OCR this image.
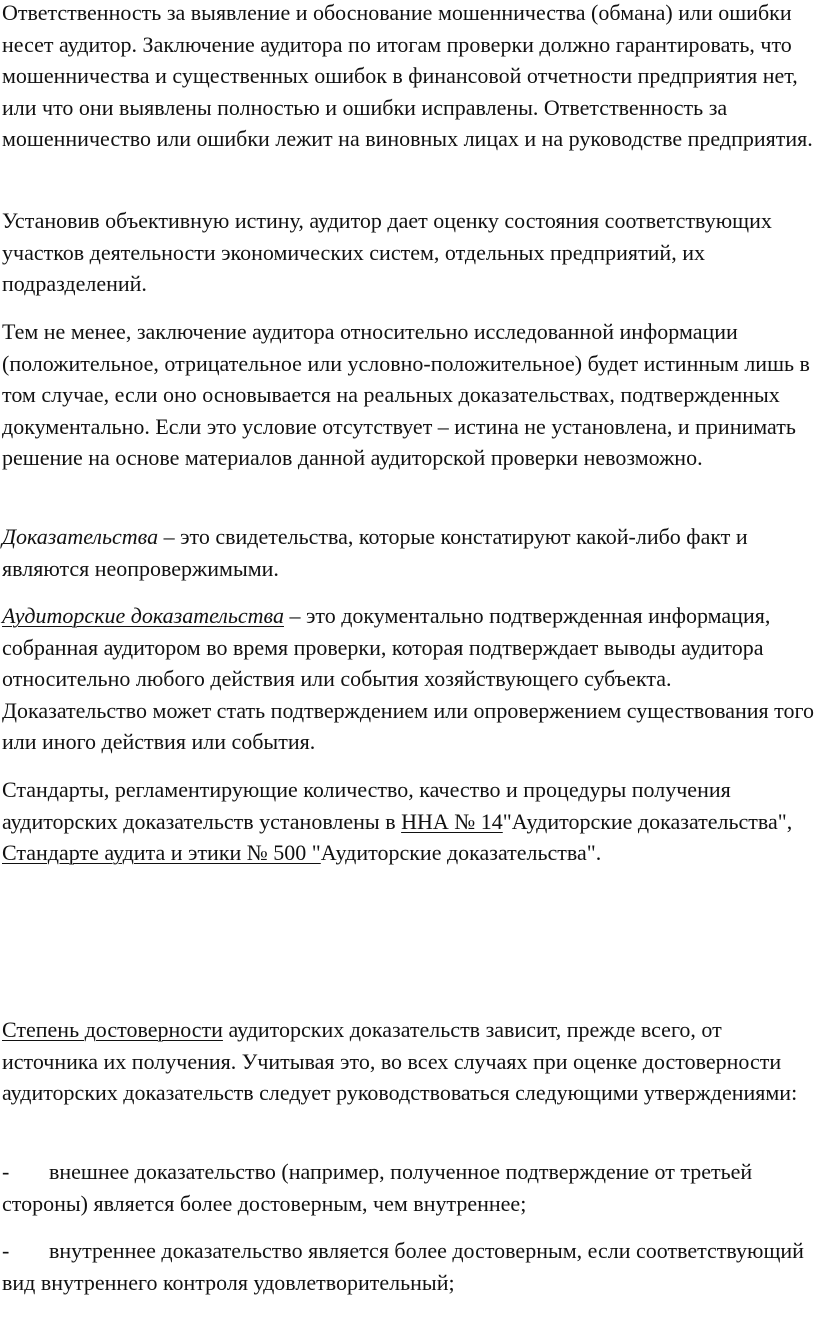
Ответственность за выявление и обоснование мошенничества (обмана) или ошибки несет аудитор. Заключение аудитора по итогам проверки должно гарантировать, что мошенничества и существенных ошибок в финансовой отчетности предприятия нет, или что они выявлены полностью и ошибки исправлены. Ответственность за мошенничество или ошибки лежит на виновных лицах и на руководстве предприятия.

Установив объективную истину, аудитор дает оценку состояния соответствующих участков деятельности экономических систем, отдельных предприятий, их подразделений.

Тем не менее, заключение аудитора относительно исследованной информации (положительное, отрицательное или условно-положительное) будет истинным лишь в том случае, если оно основывается на реальных доказательствах, подтвержденных документально. Если это условие отсутствует – истина не установлена, и принимать решение на основе материалов данной аудиторской проверки невозможно.

Доказательства – это свидетельства, которые констатируют какой-либо факт и являются неопровержимыми.

Аудиторские доказательства – это документально подтвержденная информация, собранная аудитором во время проверки, которая подтверждает выводы аудитора относительно любого действия или события хозяйствующего субъекта. Доказательство может стать подтверждением или опровержением существования того или иного действия или события.

Стандарты, регламентирующие количество, качество и процедуры получения аудиторских доказательств установлены в ННА № 14"Аудиторские доказательства", Стандарте аудита и этики № 500 "Аудиторские доказательства".

Степень достоверности аудиторских доказательств зависит, прежде всего, от источника их получения. Учитывая это, во всех случаях при оценке достоверности аудиторских доказательств следует руководствоваться следующими утверждениями:

- внешнее доказательство (например, полученное подтверждение от третьей стороны) является более достоверным, чем внутреннее;

- внутреннее доказательство является более достоверным, если соответствующий вид внутреннего контроля удовлетворительный;
